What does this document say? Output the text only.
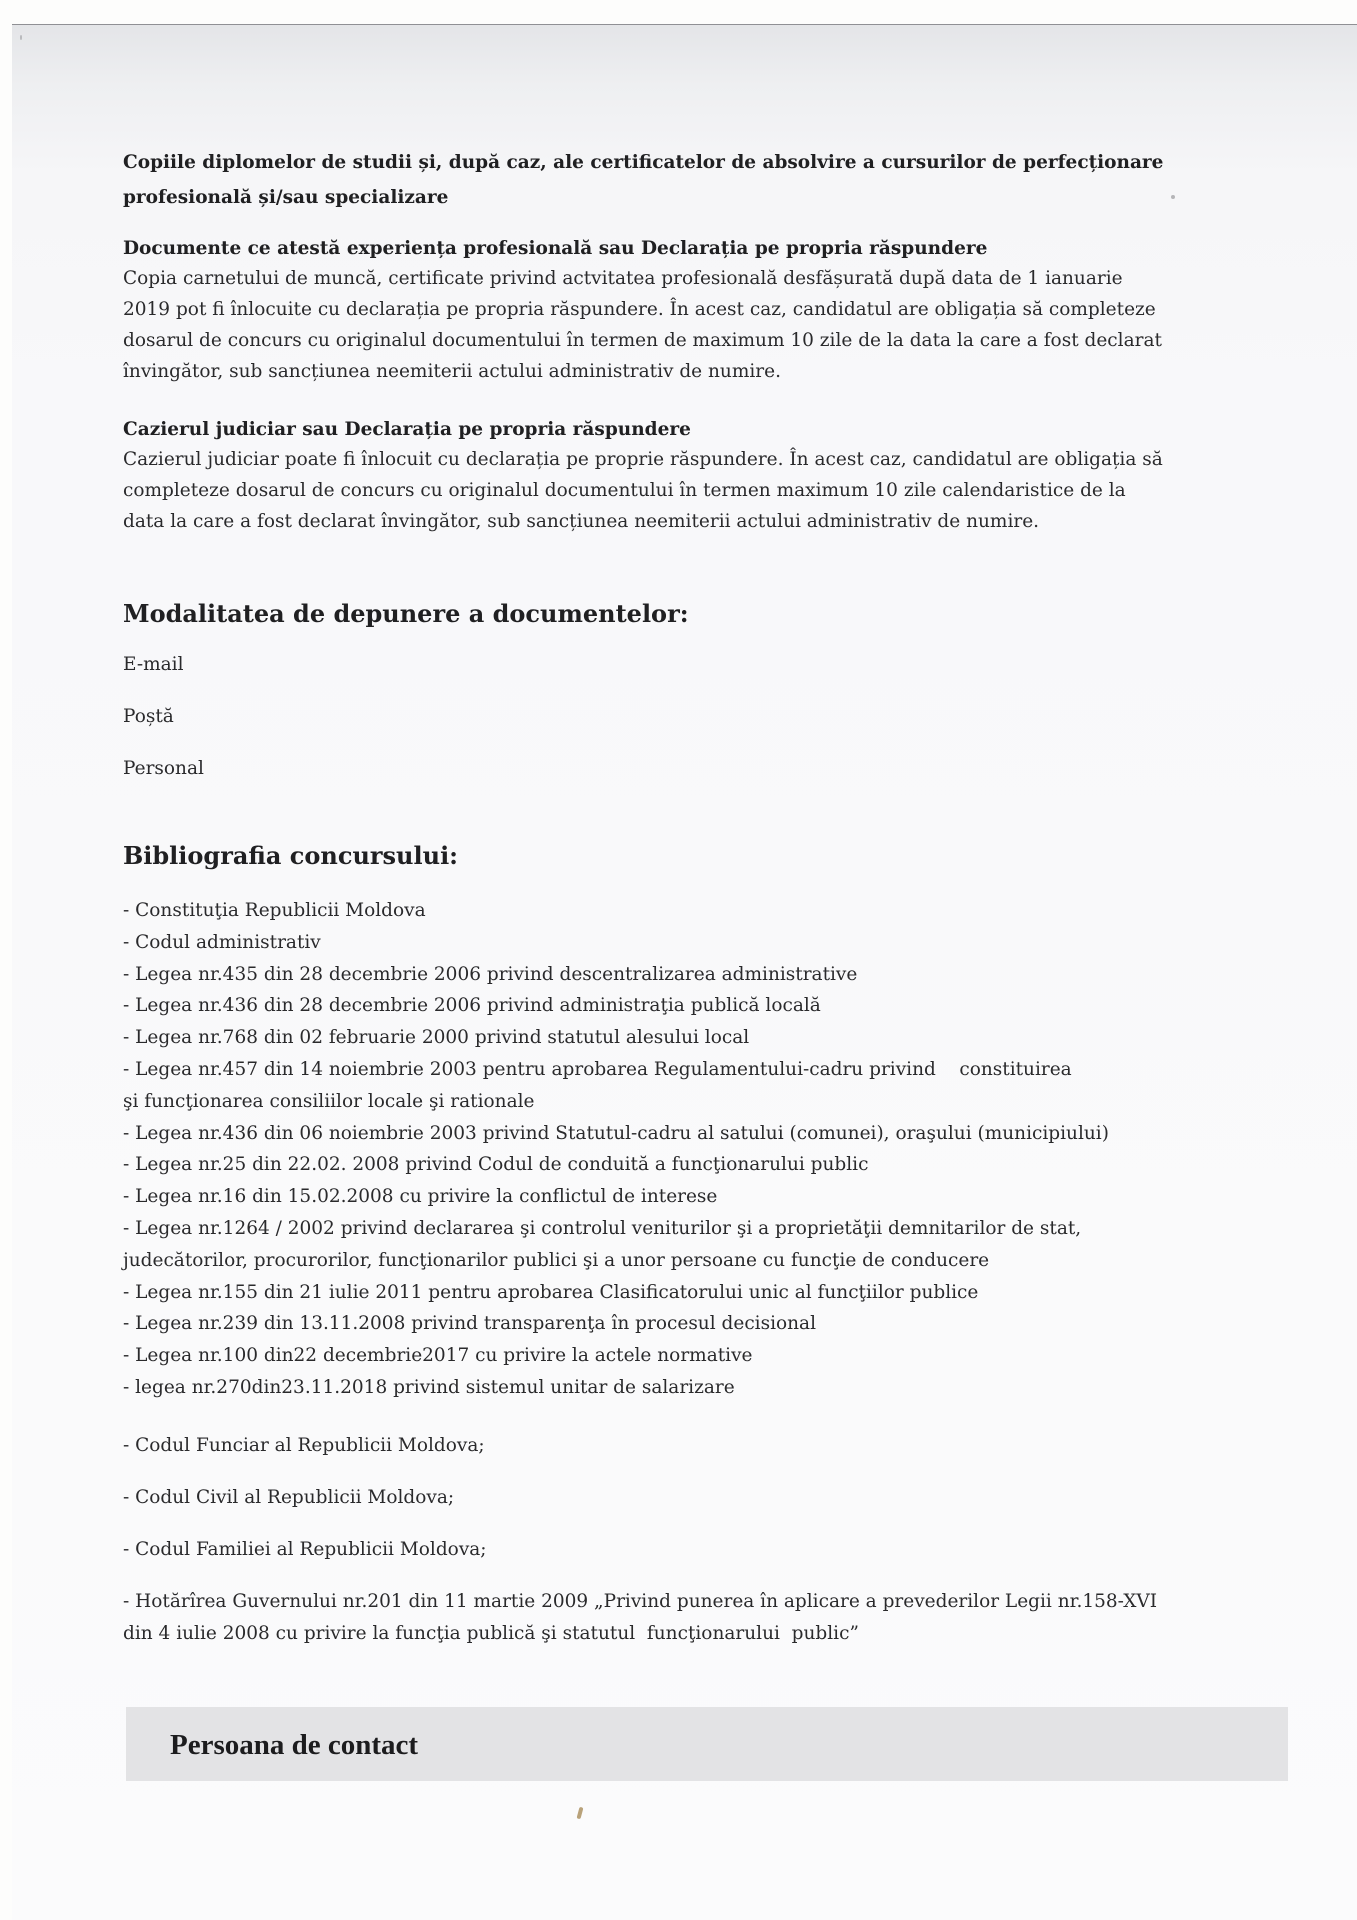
Copiile diplomelor de studii și, după caz, ale certificatelor de absolvire a cursurilor de perfecționare
profesională și/sau specializare
Documente ce atestă experiența profesională sau Declarația pe propria răspundere
Copia carnetului de muncă, certificate privind actvitatea profesională desfășurată după data de 1 ianuarie
2019 pot fi înlocuite cu declarația pe propria răspundere. În acest caz, candidatul are obligația să completeze
dosarul de concurs cu originalul documentului în termen de maximum 10 zile de la data la care a fost declarat
învingător, sub sancțiunea neemiterii actului administrativ de numire.
Cazierul judiciar sau Declarația pe propria răspundere
Cazierul judiciar poate fi înlocuit cu declarația pe proprie răspundere. În acest caz, candidatul are obligația să
completeze dosarul de concurs cu originalul documentului în termen maximum 10 zile calendaristice de la
data la care a fost declarat învingător, sub sancțiunea neemiterii actului administrativ de numire.
Modalitatea de depunere a documentelor:
E-mail
Poștă
Personal
Bibliografia concursului:
- Constituţia Republicii Moldova
- Codul administrativ
- Legea nr.435 din 28 decembrie 2006 privind descentralizarea administrative
- Legea nr.436 din 28 decembrie 2006 privind administraţia publică locală
- Legea nr.768 din 02 februarie 2000 privind statutul alesului local
- Legea nr.457 din 14 noiembrie 2003 pentru aprobarea Regulamentului-cadru privind    constituirea
şi funcţionarea consiliilor locale şi rationale
- Legea nr.436 din 06 noiembrie 2003 privind Statutul-cadru al satului (comunei), oraşului (municipiului)
- Legea nr.25 din 22.02. 2008 privind Codul de conduită a funcţionarului public
- Legea nr.16 din 15.02.2008 cu privire la conflictul de interese
- Legea nr.1264 / 2002 privind declararea şi controlul veniturilor şi a proprietăţii demnitarilor de stat,
judecătorilor, procurorilor, funcţionarilor publici şi a unor persoane cu funcţie de conducere
- Legea nr.155 din 21 iulie 2011 pentru aprobarea Clasificatorului unic al funcţiilor publice
- Legea nr.239 din 13.11.2008 privind transparenţa în procesul decisional
- Legea nr.100 din22 decembrie2017 cu privire la actele normative
- legea nr.270din23.11.2018 privind sistemul unitar de salarizare
- Codul Funciar al Republicii Moldova;
- Codul Civil al Republicii Moldova;
- Codul Familiei al Republicii Moldova;
- Hotărîrea Guvernului nr.201 din 11 martie 2009 „Privind punerea în aplicare a prevederilor Legii nr.158-XVI
din 4 iulie 2008 cu privire la funcţia publică şi statutul  funcţionarului  public”
Persoana de contact
